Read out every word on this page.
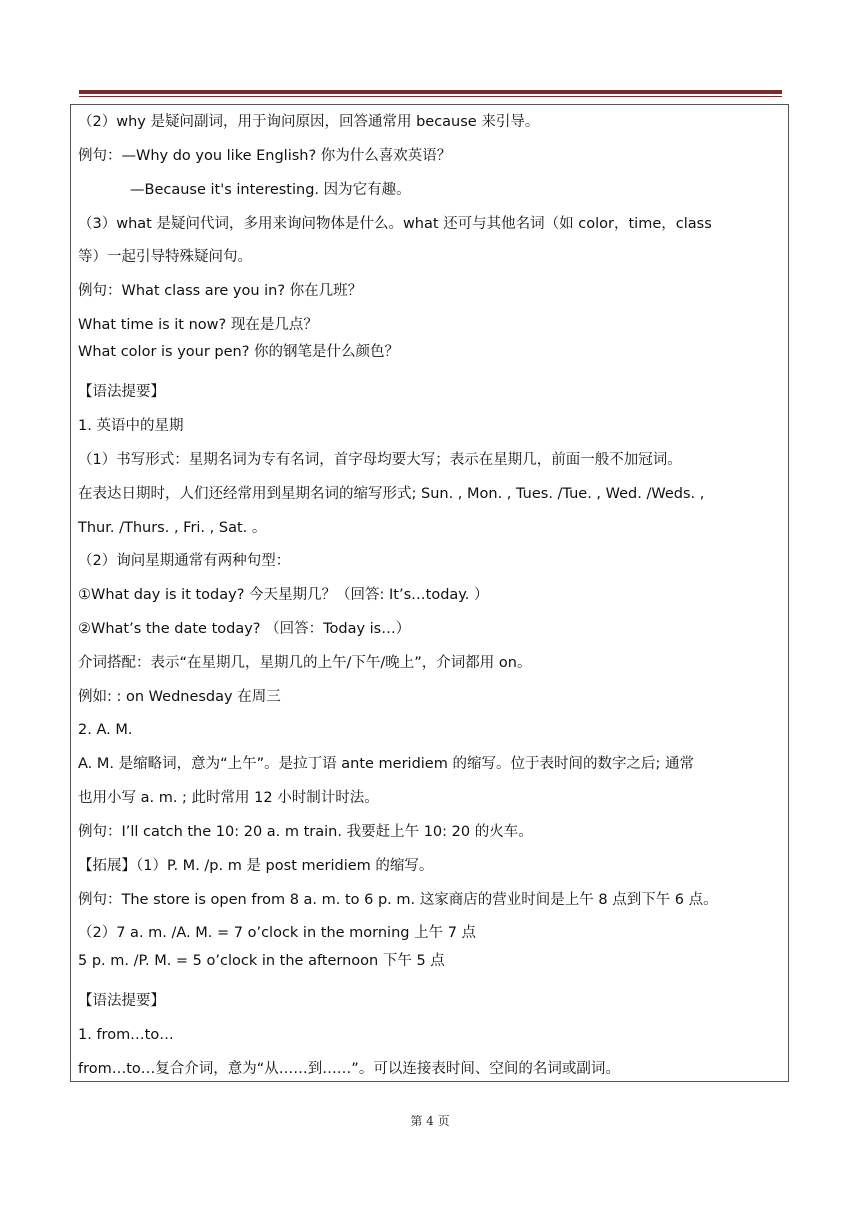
（2）why 是疑问副词，用于询问原因，回答通常用 because 来引导。
例句：—Why do you like English? 你为什么喜欢英语？
—Because it's interesting. 因为它有趣。
（3）what 是疑问代词，多用来询问物体是什么。what 还可与其他名词（如 color，time，class
等）一起引导特殊疑问句。
例句：What class are you in? 你在几班？
What time is it now? 现在是几点？
What color is your pen? 你的钢笔是什么颜色？
【语法提要】
1. 英语中的星期
（1）书写形式：星期名词为专有名词，首字母均要大写；表示在星期几，前面一般不加冠词。
在表达日期时，人们还经常用到星期名词的缩写形式; Sun. , Mon. , Tues. /Tue. , Wed. /Weds. ,
Thur. /Thurs. , Fri. , Sat. 。
（2）询问星期通常有两种句型：
①What day is it today? 今天星期几？（回答: It’s…today. ）
②What’s the date today? （回答：Today is…）
介词搭配：表示“在星期几，星期几的上午/下午/晚上”，介词都用 on。
例如: : on Wednesday 在周三
2. A. M.
A. M. 是缩略词，意为“上午”。是拉丁语 ante meridiem 的缩写。位于表时间的数字之后; 通常
也用小写 a. m. ; 此时常用 12 小时制计时法。
例句：I’ll catch the 10: 20 a. m train. 我要赶上午 10: 20 的火车。
【拓展】（1）P. M. /p. m 是 post meridiem 的缩写。
例句：The store is open from 8 a. m. to 6 p. m. 这家商店的营业时间是上午 8 点到下午 6 点。
（2）7 a. m. /A. M. = 7 o’clock in the morning 上午 7 点
5 p. m. /P. M. = 5 o’clock in the afternoon 下午 5 点
【语法提要】
1. from…to…
from…to…复合介词，意为“从……到……”。可以连接表时间、空间的名词或副词。
第 4 页
